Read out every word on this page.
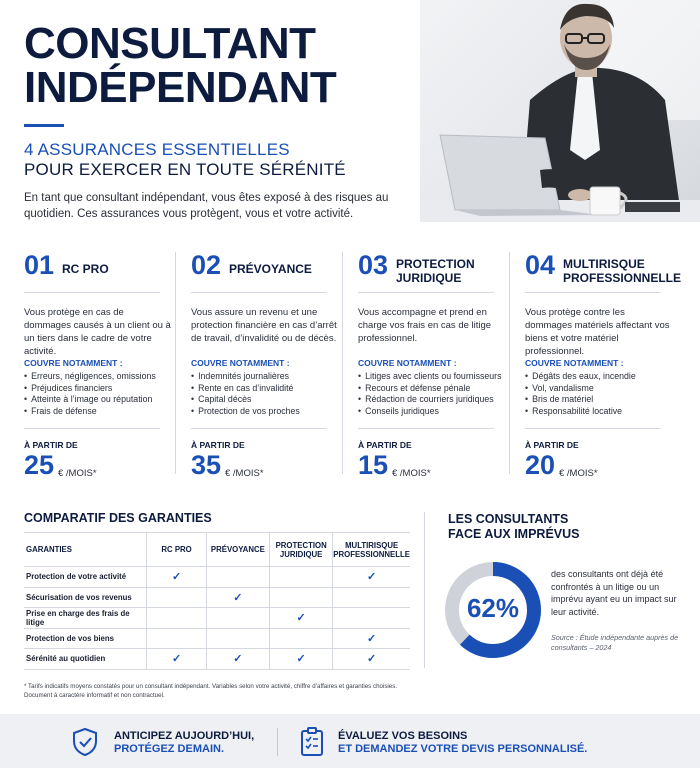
CONSULTANT
INDÉPENDANT
4 ASSURANCES ESSENTIELLES
POUR EXERCER EN TOUTE SÉRÉNITÉ
En tant que consultant indépendant, vous êtes exposé à des risques au quotidien. Ces assurances vous protègent, vous et votre activité.
01 RC PRO
Vous protège en cas de dommages causés à un client ou à un tiers dans le cadre de votre activité.
COUVRE NOTAMMENT :
• Erreurs, négligences, omissions
• Préjudices financiers
• Atteinte à l’image ou réputation
• Frais de défense
À PARTIR DE
25 € /MOIS*
02 PRÉVOYANCE
Vous assure un revenu et une protection financière en cas d’arrêt de travail, d’invalidité ou de décès.
COUVRE NOTAMMENT :
• Indemnités journalières
• Rente en cas d’invalidité
• Capital décès
• Protection de vos proches
À PARTIR DE
35 € /MOIS*
03 PROTECTION JURIDIQUE
Vous accompagne et prend en charge vos frais en cas de litige professionnel.
COUVRE NOTAMMENT :
• Litiges avec clients ou fournisseurs
• Recours et défense pénale
• Rédaction de courriers juridiques
• Conseils juridiques
À PARTIR DE
15 € /MOIS*
04 MULTIRISQUE PROFESSIONNELLE
Vous protège contre les dommages matériels affectant vos biens et votre matériel professionnel.
COUVRE NOTAMMENT :
• Dégâts des eaux, incendie
• Vol, vandalisme
• Bris de matériel
• Responsabilité locative
À PARTIR DE
20 € /MOIS*
COMPARATIF DES GARANTIES
GARANTIES	RC PRO	PRÉVOYANCE	PROTECTION JURIDIQUE	MULTIRISQUE PROFESSIONNELLE
Protection de votre activité	✓			✓
Sécurisation de vos revenus		✓		
Prise en charge des frais de litige			✓	
Protection de vos biens				✓
Sérénité au quotidien	✓	✓	✓	✓
LES CONSULTANTS
FACE AUX IMPRÉVUS
62%
des consultants ont déjà été confrontés à un litige ou un imprévu ayant eu un impact sur leur activité.
Source : Étude indépendante auprès de consultants – 2024
* Tarifs indicatifs moyens constatés pour un consultant indépendant. Variables selon votre activité, chiffre d’affaires et garanties choisies. Document à caractère informatif et non contractuel.
ANTICIPEZ AUJOURD’HUI,
PROTÉGEZ DEMAIN.
ÉVALUEZ VOS BESOINS
ET DEMANDEZ VOTRE DEVIS PERSONNALISÉ.
